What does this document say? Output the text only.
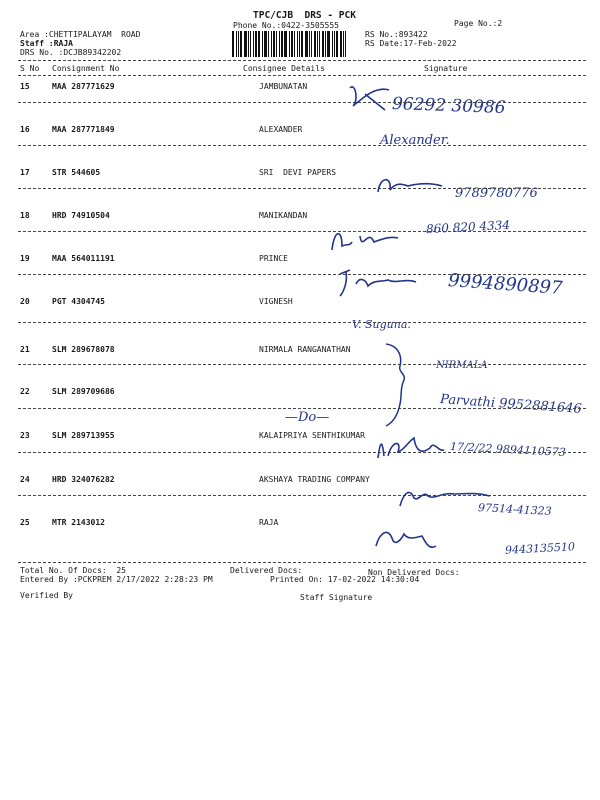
TPC/CJB  DRS - PCK
Phone No.:0422-3505555	Page No.:2
Area :CHETTIPALAYAM  ROAD
Staff :RAJA
DRS No. :DCJB89342202
RS No.:893422
RS Date:17-Feb-2022
S No Consignment No	Consignee Details	Signature
15	MAA 287771629	JAMBUNATAN
96292 30986
16	MAA 287771849	ALEXANDER
Alexander.
17	STR 544605	SRI  DEVI PAPERS
9789780776
18	HRD 74910504	MANIKANDAN
860 820 4334
19	MAA 564011191	PRINCE
9994890897
20	PGT 4304745	VIGNESH
V. Suguna.
21	SLM 289678078	NIRMALA RANGANATHAN
NIRMALA
22	SLM 289709686
Parvathi 9952881646
—Do—
23	SLM 289713955	KALAIPRIYA SENTHIKUMAR
17/2/22 9894110573
24	HRD 324076282	AKSHAYA TRADING COMPANY
97514-41323
25	MTR 2143012	RAJA
9443135510
Total No. Of Docs:  25	Delivered Docs:	Non Delivered Docs:
Entered By :PCKPREM 2/17/2022 2:28:23 PM	Printed On: 17-02-2022 14:30:04
Verified By	Staff Signature
